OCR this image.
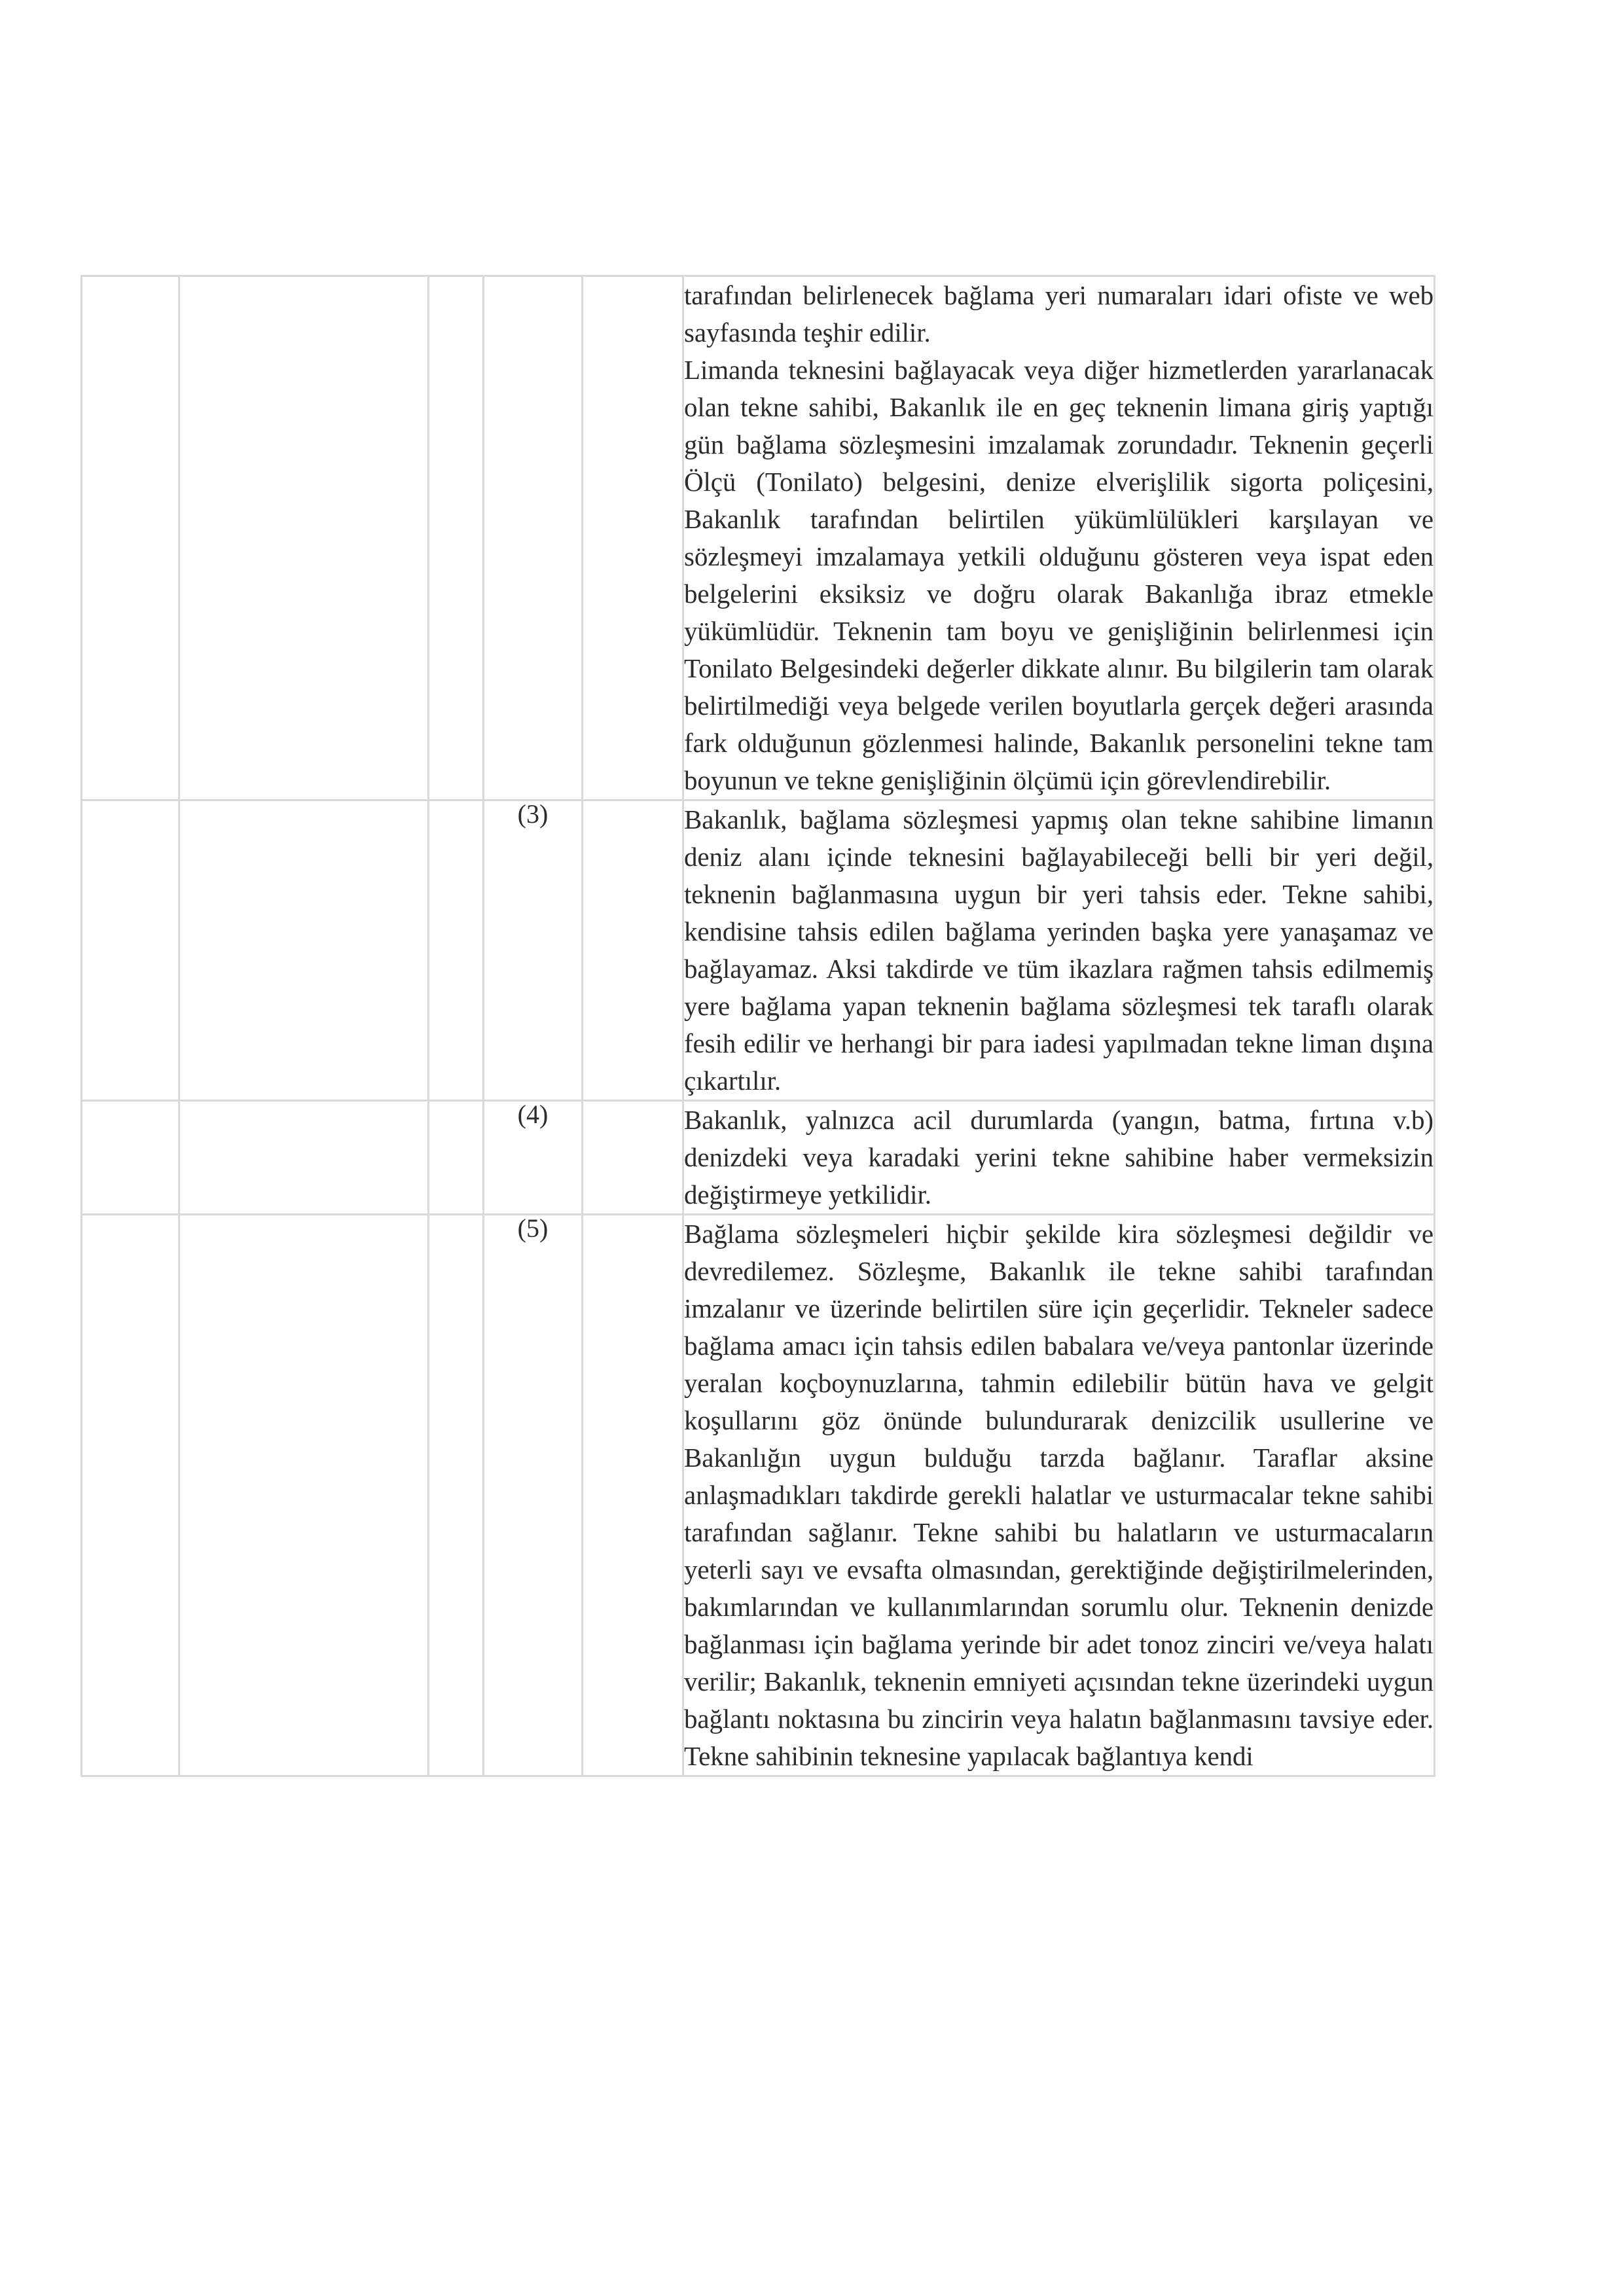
					tarafından belirlenecek bağlama yeri numaraları idari ofiste ve web sayfasında teşhir edilir.

Limanda teknesini bağlayacak veya diğer hizmetlerden yararlanacak olan tekne sahibi, Bakanlık ile en geç teknenin limana giriş yaptığı gün bağlama sözleşmesini imzalamak zorundadır. Teknenin geçerli Ölçü (Tonilato) belgesini, denize elverişlilik sigorta poliçesini, Bakanlık tarafından belirtilen yükümlülükleri karşılayan ve sözleşmeyi imzalamaya yetkili olduğunu gösteren veya ispat eden belgelerini eksiksiz ve doğru olarak Bakanlığa ibraz etmekle yükümlüdür. Teknenin tam boyu ve genişliğinin belirlenmesi için Tonilato Belgesindeki değerler dikkate alınır. Bu bilgilerin tam olarak belirtilmediği veya belgede verilen boyutlarla gerçek değeri arasında fark olduğunun gözlenmesi halinde, Bakanlık personelini tekne tam boyunun ve tekne genişliğinin ölçümü için görevlendirebilir.

			(3)		Bakanlık, bağlama sözleşmesi yapmış olan tekne sahibine limanın deniz alanı içinde teknesini bağlayabileceği belli bir yeri değil, teknenin bağlanmasına uygun bir yeri tahsis eder. Tekne sahibi, kendisine tahsis edilen bağlama yerinden başka yere yanaşamaz ve bağlayamaz. Aksi takdirde ve tüm ikazlara rağmen tahsis edilmemiş yere bağlama yapan teknenin bağlama sözleşmesi tek taraflı olarak fesih edilir ve herhangi bir para iadesi yapılmadan tekne liman dışına çıkartılır.

			(4)		Bakanlık, yalnızca acil durumlarda (yangın, batma, fırtına v.b) denizdeki veya karadaki yerini tekne sahibine haber vermeksizin değiştirmeye yetkilidir.

			(5)		Bağlama sözleşmeleri hiçbir şekilde kira sözleşmesi değildir ve devredilemez. Sözleşme, Bakanlık ile tekne sahibi tarafından imzalanır ve üzerinde belirtilen süre için geçerlidir. Tekneler sadece bağlama amacı için tahsis edilen babalara ve/veya pantonlar üzerinde yeralan koçboynuzlarına, tahmin edilebilir bütün hava ve gelgit koşullarını göz önünde bulundurarak denizcilik usullerine ve Bakanlığın uygun bulduğu tarzda bağlanır. Taraflar aksine anlaşmadıkları takdirde gerekli halatlar ve usturmacalar tekne sahibi tarafından sağlanır. Tekne sahibi bu halatların ve usturmacaların yeterli sayı ve evsafta olmasından, gerektiğinde değiştirilmelerinden, bakımlarından ve kullanımlarından sorumlu olur. Teknenin denizde bağlanması için bağlama yerinde bir adet tonoz zinciri ve/veya halatı verilir; Bakanlık, teknenin emniyeti açısından tekne üzerindeki uygun bağlantı noktasına bu zincirin veya halatın bağlanmasını tavsiye eder. Tekne sahibinin teknesine yapılacak bağlantıya kendi
